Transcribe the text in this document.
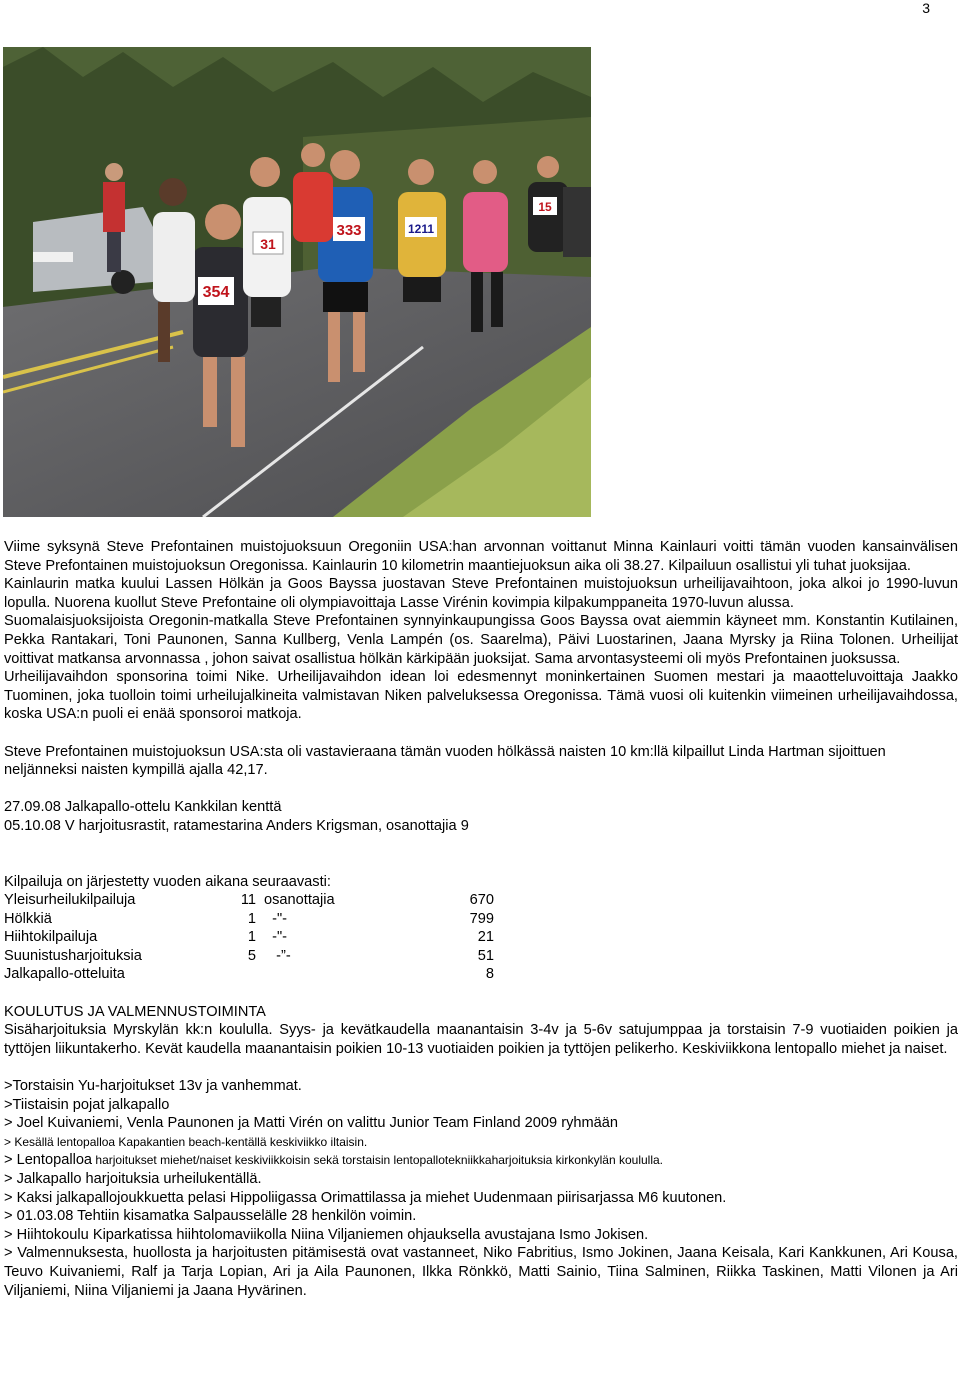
3
354
31
333	1211
15

Viime syksynä Steve Prefontainen muistojuoksuun Oregoniin USA:han arvonnan voittanut Minna Kainlauri voitti tämän vuoden kansainvälisen Steve Prefontainen muistojuoksun Oregonissa. Kainlaurin 10 kilometrin maantiejuoksun aika oli 38.27. Kilpailuun osallistui yli tuhat juoksijaa.

Kainlaurin matka kuului Lassen Hölkän ja Goos Bayssa juostavan Steve Prefontainen muistojuoksun urheilijavaihtoon, joka alkoi jo 1990-luvun lopulla. Nuorena kuollut Steve Prefontaine oli olympiavoittaja Lasse Virénin kovimpia kilpakumppaneita 1970-luvun alussa.

Suomalaisjuoksijoista Oregonin-matkalla Steve Prefontainen synnyinkaupungissa Goos Bayssa ovat aiemmin käyneet mm. Konstantin Kutilainen, Pekka Rantakari, Toni Paunonen, Sanna Kullberg, Venla Lampén (os. Saarelma), Päivi Luostarinen, Jaana Myrsky ja Riina Tolonen. Urheilijat voittivat matkansa arvonnassa , johon saivat osallistua hölkän kärkipään juoksijat. Sama arvontasysteemi oli myös Prefontainen juoksussa.

Urheilijavaihdon sponsorina toimi Nike. Urheilijavaihdon idean loi edesmennyt moninkertainen Suomen mestari ja maaotteluvoittaja Jaakko Tuominen, joka tuolloin toimi urheilujalkineita valmistavan Niken palveluksessa Oregonissa. Tämä vuosi oli kuitenkin viimeinen urheilijavaihdossa, koska USA:n puoli ei enää sponsoroi matkoja.

Steve Prefontainen muistojuoksun USA:sta oli vastavieraana tämän vuoden hölkässä naisten 10 km:llä kilpaillut Linda Hartman sijoittuen neljänneksi naisten kympillä ajalla 42,17.

27.09.08 Jalkapallo-ottelu Kankkilan kenttä

05.10.08 V harjoitusrastit, ratamestarina Anders Krigsman, osanottajia 9

Kilpailuja on järjestetty vuoden aikana seuraavasti:

Yleisurheilukilpailuja	11	osanottajia	670
Hölkkiä	1	-"-	799
Hiihtokilpailuja	1	-"-	21
Suunistusharjoituksia	5	-”-	51
Jalkapallo-otteluita			8

KOULUTUS JA VALMENNUSTOIMINTA

Sisäharjoituksia Myrskylän kk:n koululla. Syys- ja kevätkaudella maanantaisin 3-4v ja 5-6v satujumppaa ja torstaisin 7-9 vuotiaiden poikien ja tyttöjen liikuntakerho. Kevät kaudella maanantaisin poikien 10-13 vuotiaiden poikien ja tyttöjen pelikerho. Keskiviikkona lentopallo miehet ja naiset.

>Torstaisin Yu-harjoitukset 13v ja vanhemmat.

>Tiistaisin pojat jalkapallo

> Joel Kuivaniemi, Venla Paunonen ja Matti Virén on valittu Junior Team Finland 2009 ryhmään

> Kesällä lentopalloa Kapakantien beach-kentällä keskiviikko iltaisin.

> Lentopalloa harjoitukset miehet/naiset keskiviikkoisin sekä torstaisin lentopallotekniikkaharjoituksia kirkonkylän koululla.

> Jalkapallo harjoituksia urheilukentällä.

> Kaksi jalkapallojoukkuetta pelasi Hippoliigassa Orimattilassa ja miehet Uudenmaan piirisarjassa M6 kuutonen.

> 01.03.08 Tehtiin kisamatka Salpausselälle 28 henkilön voimin.

> Hiihtokoulu Kiparkatissa hiihtolomaviikolla Niina Viljaniemen ohjauksella avustajana Ismo Jokisen.

> Valmennuksesta, huollosta ja harjoitusten pitämisestä ovat vastanneet, Niko Fabritius, Ismo Jokinen, Jaana Keisala, Kari Kankkunen, Ari Kousa, Teuvo Kuivaniemi, Ralf ja Tarja Lopian, Ari ja Aila Paunonen, Ilkka Rönkkö, Matti Sainio, Tiina Salminen, Riikka Taskinen, Matti Vilonen ja Ari Viljaniemi, Niina Viljaniemi ja Jaana Hyvärinen.
